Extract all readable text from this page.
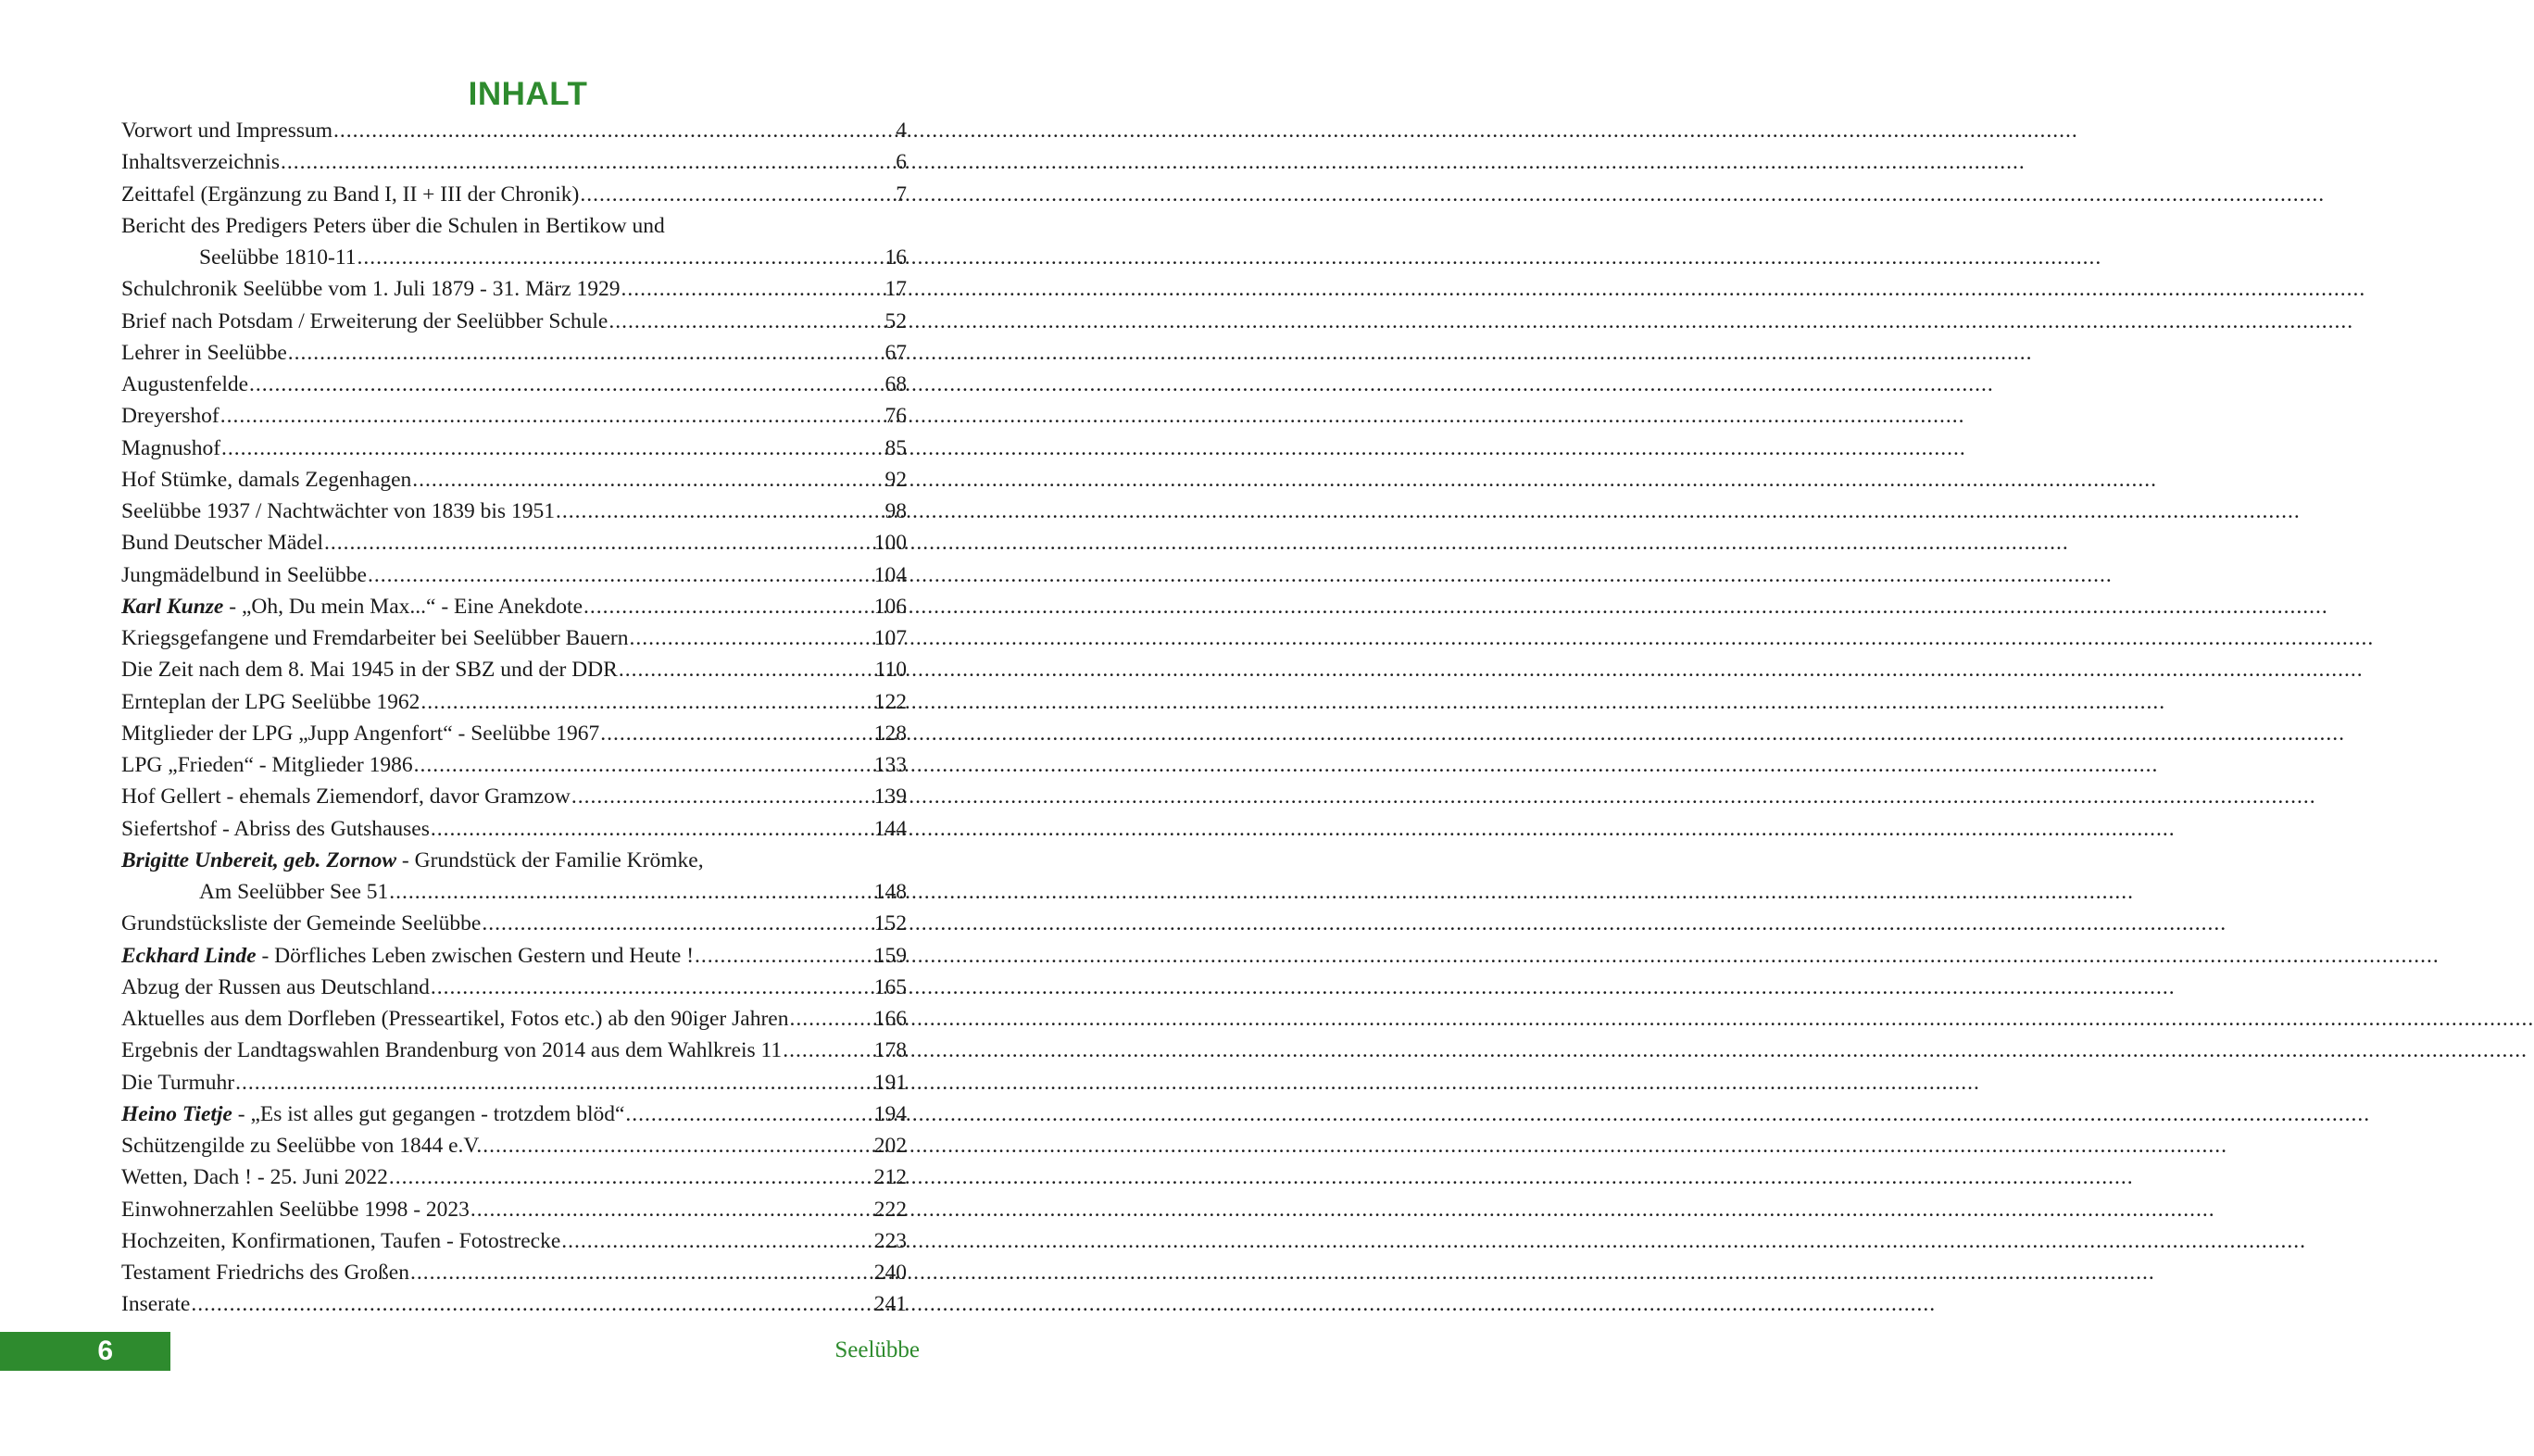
INHALT
Vorwort und Impressum .....	4
Inhaltsverzeichnis .....	6
Zeittafel (Ergänzung zu Band I, II + III der Chronik) .....	7
Bericht des Predigers Peters über die Schulen in Bertikow und
Seelübbe 1810-11 .....	16
Schulchronik Seelübbe vom 1. Juli 1879 - 31. März 1929 .....	17
Brief nach Potsdam / Erweiterung der Seelübber Schule .....	52
Lehrer in Seelübbe .....	67
Augustenfelde .....	68
Dreyershof .....	76
Magnushof .....	85
Hof Stümke, damals Zegenhagen .....	92
Seelübbe 1937 / Nachtwächter von 1839 bis 1951 .....	98
Bund Deutscher Mädel .....	100
Jungmädelbund in Seelübbe .....	104
Karl Kunze - „Oh, Du mein Max...“ - Eine Anekdote .....	106
Kriegsgefangene und Fremdarbeiter bei Seelübber Bauern .....	107
Die Zeit nach dem 8. Mai 1945 in der SBZ und der DDR .....	110
Ernteplan der LPG Seelübbe 1962 .....	122
Mitglieder der LPG „Jupp Angenfort“ - Seelübbe 1967 .....	128
LPG „Frieden“ - Mitglieder 1986 .....	133
Hof Gellert - ehemals Ziemendorf, davor Gramzow .....	139
Siefertshof - Abriss des Gutshauses .....	144
Brigitte Unbereit, geb. Zornow - Grundstück der Familie Krömke,
Am Seelübber See 51 .....	148
Grundstücksliste der Gemeinde Seelübbe .....	152
Eckhard Linde - Dörfliches Leben zwischen Gestern und Heute ! .....	159
Abzug der Russen aus Deutschland .....	165
Aktuelles aus dem Dorfleben (Presseartikel, Fotos etc.) ab den 90iger Jahren .....	166
Ergebnis der Landtagswahlen Brandenburg von 2014 aus dem Wahlkreis 11 .....	178
Die Turmuhr .....	191
Heino Tietje - „Es ist alles gut gegangen - trotzdem blöd“ .....	194
Schützengilde zu Seelübbe von 1844 e.V. .....	202
Wetten, Dach ! - 25. Juni 2022 .....	212
Einwohnerzahlen Seelübbe 1998 - 2023 .....	222
Hochzeiten, Konfirmationen, Taufen - Fotostrecke .....	223
Testament Friedrichs des Großen .....	240
Inserate .....	241
6	Seelübbe
